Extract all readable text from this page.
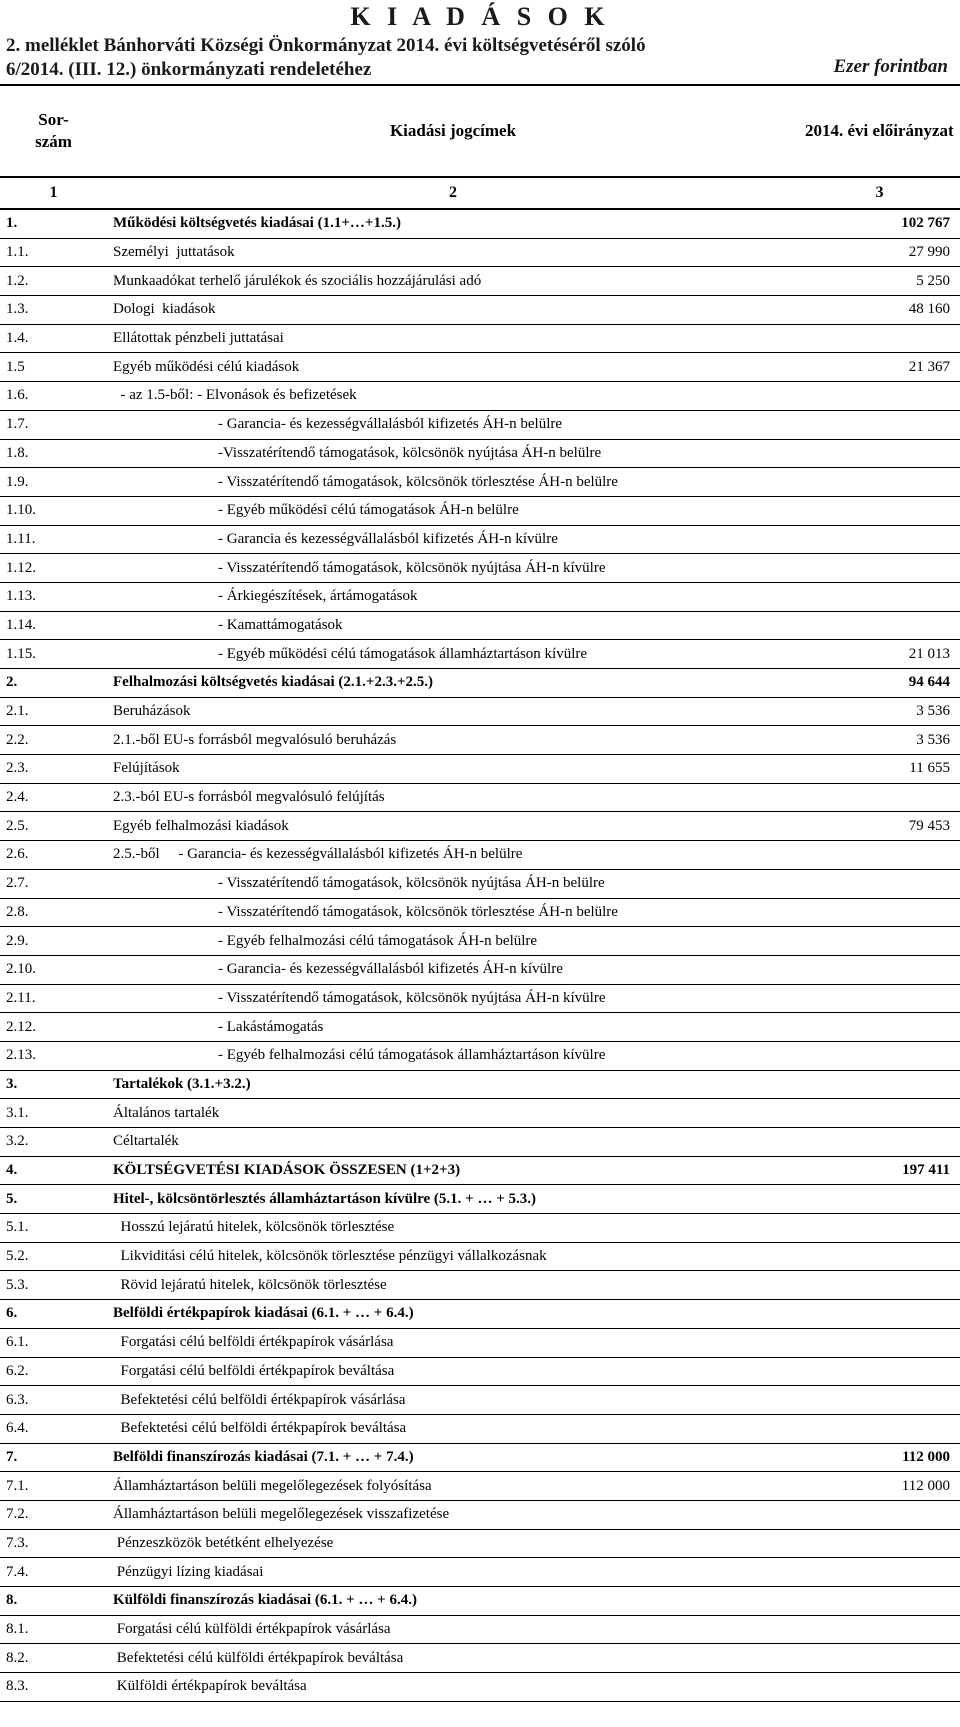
K I A D Á S O K
2. melléklet Bánhorváti Községi Önkormányzat 2014. évi költségvetéséről szóló
6/2014. (III. 12.) önkormányzati rendeletéhez	Ezer forintban
Sor-
szám	Kiadási jogcímek	2014. évi előirányzat
1	2	3
1.	Működési költségvetés kiadásai (1.1+…+1.5.)	102 767
1.1.	Személyi  juttatások	27 990
1.2.	Munkaadókat terhelő járulékok és szociális hozzájárulási adó	5 250
1.3.	Dologi  kiadások	48 160
1.4.	Ellátottak pénzbeli juttatásai	
1.5	Egyéb működési célú kiadások	21 367
1.6.	- az 1.5-ből: - Elvonások és befizetések	
1.7.	- Garancia- és kezességvállalásból kifizetés ÁH-n belülre	
1.8.	-Visszatérítendő támogatások, kölcsönök nyújtása ÁH-n belülre	
1.9.	- Visszatérítendő támogatások, kölcsönök törlesztése ÁH-n belülre	
1.10.	- Egyéb működési célú támogatások ÁH-n belülre	
1.11.	- Garancia és kezességvállalásból kifizetés ÁH-n kívülre	
1.12.	- Visszatérítendő támogatások, kölcsönök nyújtása ÁH-n kívülre	
1.13.	- Árkiegészítések, ártámogatások	
1.14.	- Kamattámogatások	
1.15.	- Egyéb működési célú támogatások államháztartáson kívülre	21 013
2.	Felhalmozási költségvetés kiadásai (2.1.+2.3.+2.5.)	94 644
2.1.	Beruházások	3 536
2.2.	2.1.-ből EU-s forrásból megvalósuló beruházás	3 536
2.3.	Felújítások	11 655
2.4.	2.3.-ból EU-s forrásból megvalósuló felújítás	
2.5.	Egyéb felhalmozási kiadások	79 453
2.6.	2.5.-ből     - Garancia- és kezességvállalásból kifizetés ÁH-n belülre	
2.7.	- Visszatérítendő támogatások, kölcsönök nyújtása ÁH-n belülre	
2.8.	- Visszatérítendő támogatások, kölcsönök törlesztése ÁH-n belülre	
2.9.	- Egyéb felhalmozási célú támogatások ÁH-n belülre	
2.10.	- Garancia- és kezességvállalásból kifizetés ÁH-n kívülre	
2.11.	- Visszatérítendő támogatások, kölcsönök nyújtása ÁH-n kívülre	
2.12.	- Lakástámogatás	
2.13.	- Egyéb felhalmozási célú támogatások államháztartáson kívülre	
3.	Tartalékok (3.1.+3.2.)	
3.1.	Általános tartalék	
3.2.	Céltartalék	
4.	KÖLTSÉGVETÉSI KIADÁSOK ÖSSZESEN (1+2+3)	197 411
5.	Hitel-, kölcsöntörlesztés államháztartáson kívülre (5.1. + … + 5.3.)	
5.1.	Hosszú lejáratú hitelek, kölcsönök törlesztése	
5.2.	Likviditási célú hitelek, kölcsönök törlesztése pénzügyi vállalkozásnak	
5.3.	Rövid lejáratú hitelek, kölcsönök törlesztése	
6.	Belföldi értékpapírok kiadásai (6.1. + … + 6.4.)	
6.1.	Forgatási célú belföldi értékpapírok vásárlása	
6.2.	Forgatási célú belföldi értékpapírok beváltása	
6.3.	Befektetési célú belföldi értékpapírok vásárlása	
6.4.	Befektetési célú belföldi értékpapírok beváltása	
7.	Belföldi finanszírozás kiadásai (7.1. + … + 7.4.)	112 000
7.1.	Államháztartáson belüli megelőlegezések folyósítása	112 000
7.2.	Államháztartáson belüli megelőlegezések visszafizetése	
7.3.	Pénzeszközök betétként elhelyezése	
7.4.	Pénzügyi lízing kiadásai	
8.	Külföldi finanszírozás kiadásai (6.1. + … + 6.4.)	
8.1.	Forgatási célú külföldi értékpapírok vásárlása	
8.2.	Befektetési célú külföldi értékpapírok beváltása	
8.3.	Külföldi értékpapírok beváltása	
